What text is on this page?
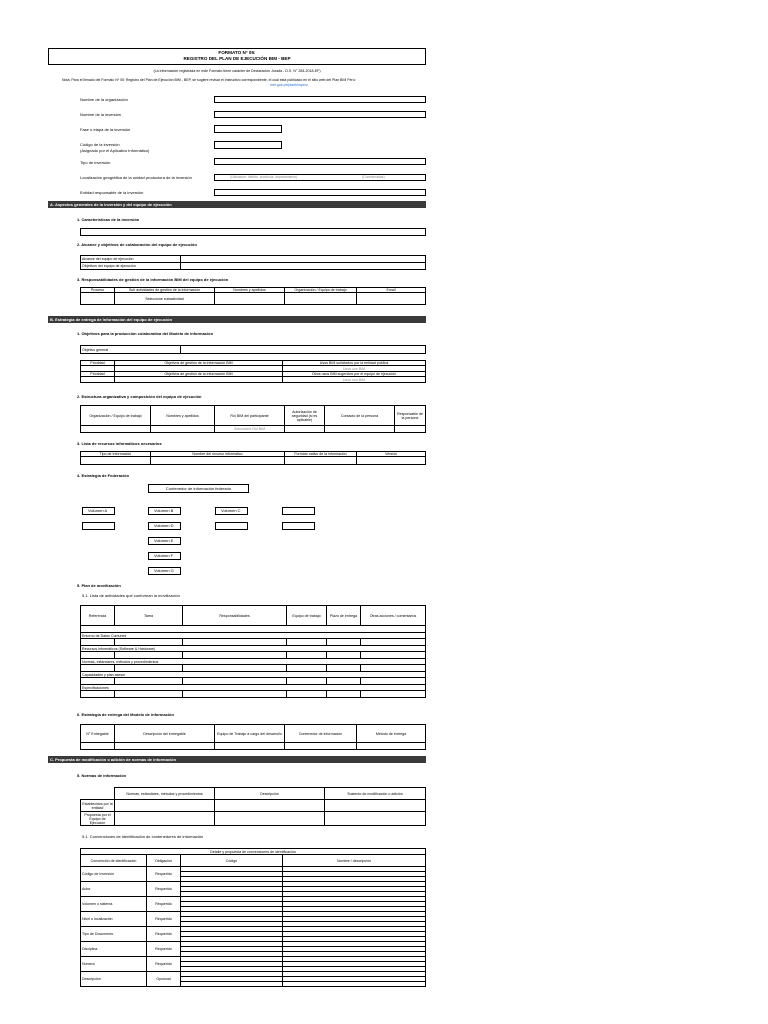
FORMATO N° 05:
REGISTRO DEL PLAN DE EJECUCIÓN BIM - BEP
(La información registrada en este Formato tiene carácter de Declaración Jurada - D.S. N° 284-2018-EF)
Nota: Para el llenado del Formato Nº 05: Registro del Plan de Ejecución BIM - BEP, se sugiere revisar el Instructivo correspondiente, el cual está publicado en el sitio web del Plan BIM Perú:
mef.gob.pe/planbimperu
Nombre de la organización
Nombre de la inversión
Fase o etapa de la inversión
Código de la inversión
(Asignado por el Aplicativo Informático)
Tipo de inversión
Localización geográfica de la unidad productora de la inversión	(Ubicación: distrito, provincia, departamento)	(Coordenadas)
Entidad responsable de la inversión
A. Aspectos generales de la inversión y del equipo de ejecución
1. Características de la inversión
2. Alcance y objetivos de colaboración del equipo de ejecución
Alcance del equipo de ejecución	
Objetivos del equipo de ejecución	
3. Responsabilidades de gestión de la información BIM del equipo de ejecución
Proceso	Sub actividades de gestión de la información	Nombres y apellidos	Organización / Equipo de trabajo	Email
	Seleccione subactividad			
B. Estrategia de entrega de Información del equipo de ejecución
1. Objetivos para la producción colaborativa del Modelo de información
Objetivo general	
Prioridad	Objetivos de gestión de la información BIM	Usos BIM solicitados por la entidad pública
		Usos con BIM
Prioridad	Objetivos de gestión de la información BIM	Otros usos BIM sugeridos por el equipo de ejecución
		Usos con BIM
2. Estructura organizativa y composición del equipo de ejecución
Organización / Equipo de trabajo	Nombres y apellidos	Rol BIM del participante	Autorización de seguridad (si es aplicable)	Contacto de la persona	Responsable de la persona
		Seleccione Rol BIM			
3. Lista de recursos informáticos necesarios
Tipo de Información	Nombre del recurso informático	Formato nativo de la información	Versión

4. Estrategia de Federación
Contenedor de información federado
Volumen A	Volumen B	Volumen C
Volumen D
Volumen E
Volumen F
Volumen G
5. Plan de movilización
5.1. Lista de actividades que conforman la movilización
Referencia	Tarea	Responsabilidades	Equipo de trabajo	Plazo de entrega	Otras acciones / comentarios

Entorno de Datos Comunes					

Recursos informáticos (Software & Hardware)					

Normas, estándares, métodos y procedimientos					

Capacidades y plan asesor					

Especificaciones					

6. Estrategia de entrega del Modelo de información
N° Entregable	Descripción del entregable	Equipo de Trabajo a cargo del desarrollo	Contenedor de información	Método de entrega

C. Propuesta de modificación o adición de normas de información
5. Normas de información
	Normas, estándares, métodos y procedimientos	Descripción	Sustento de modificación o adición
Establecidos por la entidad			
Propuesta por el Equipo de Ejecución			
5.1. Convenciones de identificación de contenedores de información
Detalle y propuesta de convenciones de identificación
Convención de identificación	Obligación	Código	Nombre / descripción
Código de Inversión	Requerido	

Autor	Requerido	

Volumen o sistema	Requerido	

Nivel o localización	Requerido	

Tipo de Documento	Requerido	

Disciplina	Requerido	

Número	Requerido	

Descripción	Opcional	
